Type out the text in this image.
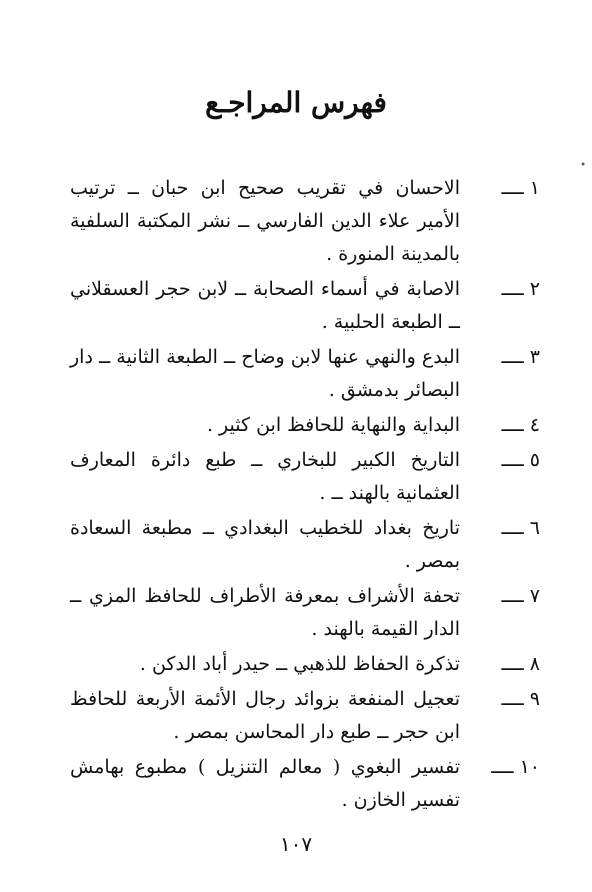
•
فهرس المراجـع
١ ــــ
الاحسان في تقريب صحيح ابن حبان ــ ترتيب الأمير علاء الدين الفارسي ــ نشر المكتبة السلفية بالمدينة المنورة .
٢ ــــ
الاصابة في أسماء الصحابة ــ لابن حجر العسقلاني ــ الطبعة الحلبية .
٣ ــــ
البدع والنهي عنها لابن وضاح ــ الطبعة الثانية ــ دار البصائر بدمشق .
٤ ــــ
البداية والنهاية للحافظ ابن كثير .
٥ ــــ
التاريخ الكبير للبخاري ــ طبع دائرة المعارف العثمانية بالهند ــ .
٦ ــــ
تاريخ بغداد للخطيب البغدادي ــ مطبعة السعادة بمصر .
٧ ــــ
تحفة الأشراف بمعرفة الأطراف للحافظ المزي ــ الدار القيمة بالهند .
٨ ــــ
تذكرة الحفاظ للذهبي ــ حيدر أباد الدكن .
٩ ــــ
تعجيل المنفعة بزوائد رجال الأئمة الأربعة للحافظ ابن حجر ــ طبع دار المحاسن بمصر .
١٠ ــــ
تفسير البغوي ( معالم التنزيل ) مطبوع بهامش تفسير الخازن .
١٠٧
